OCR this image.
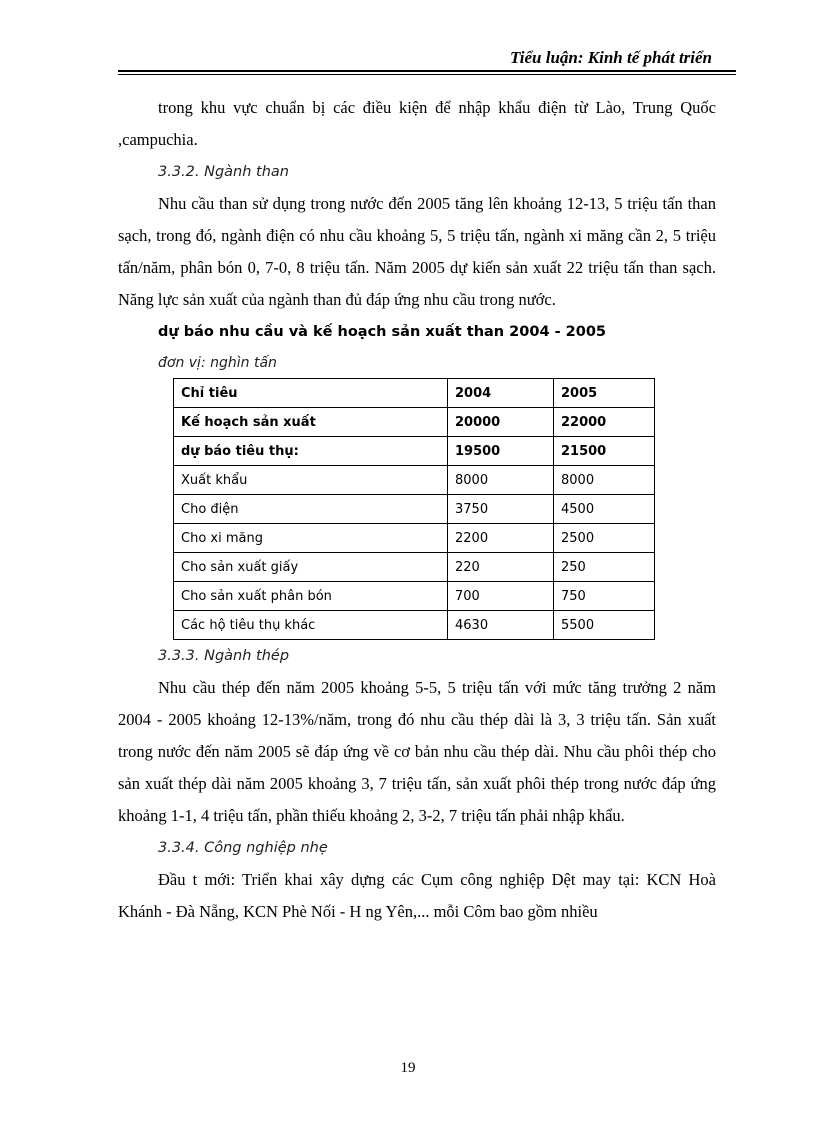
Tiểu luận: Kinh tế phát triển

trong khu vực chuẩn bị các điều kiện để nhập khẩu điện từ Lào, Trung Quốc ,campuchia.

3.3.2. Ngành than

Nhu cầu than sử dụng trong nước đến 2005 tăng lên khoảng 12-13, 5 triệu tấn than sạch, trong đó, ngành điện có nhu cầu khoảng 5, 5 triệu tấn, ngành xi măng cần 2, 5 triệu tấn/năm, phân bón 0, 7-0, 8 triệu tấn. Năm 2005 dự kiến sản xuất 22 triệu tấn than sạch. Năng lực sản xuất của ngành than đủ đáp ứng nhu cầu trong nước.

dự báo nhu cầu và kế hoạch sản xuất than 2004 - 2005

đơn vị: nghìn tấn

Chỉ tiêu	2004	2005
Kế hoạch sản xuất	20000	22000
dự báo tiêu thụ:	19500	21500
Xuất khẩu	8000	8000
Cho điện	3750	4500
Cho xi măng	2200	2500
Cho sản xuất giấy	220	250
Cho sản xuất phân bón	700	750
Các hộ tiêu thụ khác	4630	5500

3.3.3. Ngành thép

Nhu cầu thép đến năm 2005 khoảng 5-5, 5 triệu tấn với mức tăng trưởng 2 năm 2004 - 2005 khoảng 12-13%/năm, trong đó nhu cầu thép dài là 3, 3 triệu tấn. Sản xuất trong nước đến năm 2005 sẽ đáp ứng về cơ bản nhu cầu thép dài. Nhu cầu phôi thép cho sản xuất thép dài năm 2005 khoảng 3, 7 triệu tấn, sản xuất phôi thép trong nước đáp ứng khoảng 1-1, 4 triệu tấn, phần thiếu khoảng 2, 3-2, 7 triệu tấn phải nhập khẩu.

3.3.4. Công nghiệp nhẹ

Đầu t mới: Triển khai xây dựng các Cụm công nghiệp Dệt may tại: KCN Hoà Khánh - Đà Nẵng, KCN Phè Nối - H ng Yên,... mỗi Côm bao gồm nhiều

19
